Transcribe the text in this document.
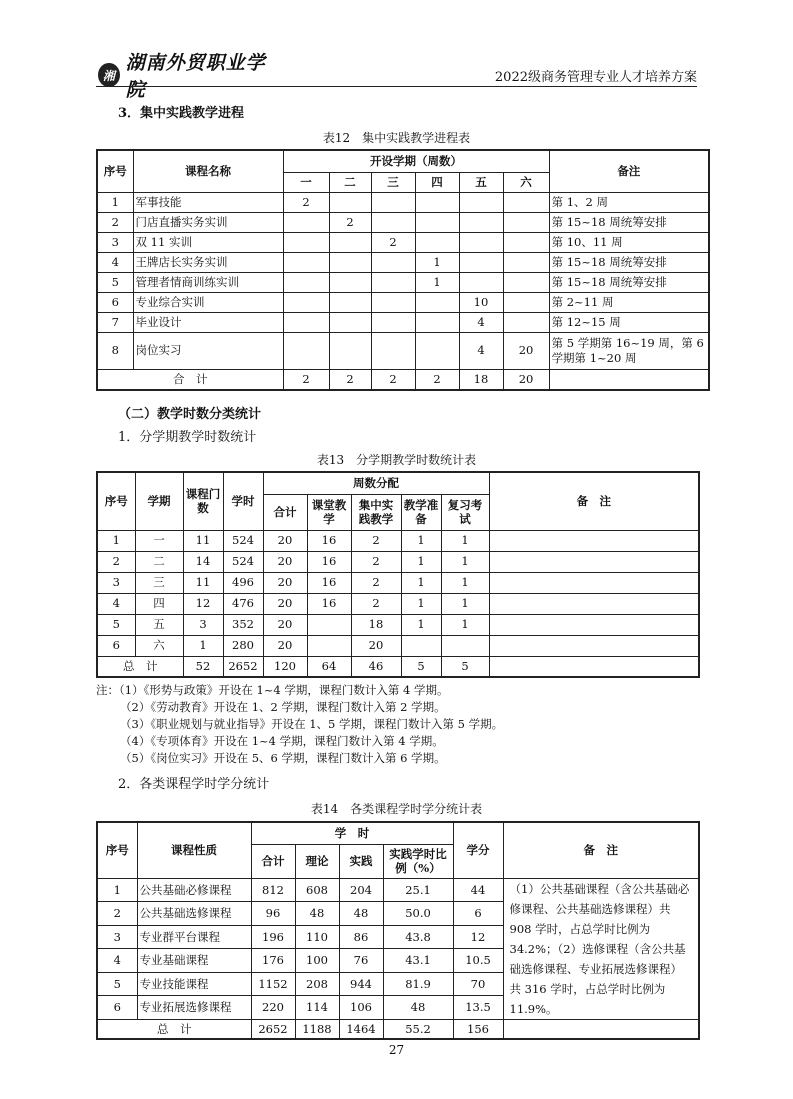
湘
湖南外贸职业学院
2022级商务管理专业人才培养方案
3．集中实践教学进程
表12　集中实践教学进程表
序号	课程名称	开设学期（周数）						备注
		一	二	三	四	五	六	
1	军事技能	2						第 1、2 周
2	门店直播实务实训		2					第 15~18 周统筹安排
3	双 11 实训			2				第 10、11 周
4	王牌店长实务实训				1			第 15~18 周统筹安排
5	管理者情商训练实训				1			第 15~18 周统筹安排
6	专业综合实训					10		第 2~11 周
7	毕业设计					4		第 12~15 周
8	岗位实习					4	20	第 5 学期第 16~19 周，第 6 学期第 1~20 周
合　计		2	2	2	2	18	20	
（二）教学时数分类统计
1．分学期教学时数统计
表13　分学期教学时数统计表
序号	学期	课程门数	学时	周数分配					备　注
				合计	课堂教学	集中实践教学	教学准备	复习考试	
1	一	11	524	20	16	2	1	1	
2	二	14	524	20	16	2	1	1	
3	三	11	496	20	16	2	1	1	
4	四	12	476	20	16	2	1	1	
5	五	3	352	20		18	1	1	
6	六	1	280	20		20			
总　计		52	2652	120	64	46	5	5	
注：（1）《形势与政策》开设在 1~4 学期，课程门数计入第 4 学期。
（2）《劳动教育》开设在 1、2 学期，课程门数计入第 2 学期。
（3）《职业规划与就业指导》开设在 1、5 学期，课程门数计入第 5 学期。
（4）《专项体育》开设在 1~4 学期，课程门数计入第 4 学期。
（5）《岗位实习》开设在 5、6 学期，课程门数计入第 6 学期。
2．各类课程学时学分统计
表14　各类课程学时学分统计表
序号	课程性质	学　时				学分	备　注
		合计	理论	实践	实践学时比例（%）		
1	公共基础必修课程	812	608	204	25.1	44	（1）公共基础课程（含公共基础必修课程、公共基础选修课程）共 908 学时，占总学时比例为 34.2%；（2）选修课程（含公共基础选修课程、专业拓展选修课程）共 316 学时，占总学时比例为 11.9%。
2	公共基础选修课程	96	48	48	50.0	6	
3	专业群平台课程	196	110	86	43.8	12	
4	专业基础课程	176	100	76	43.1	10.5	
5	专业技能课程	1152	208	944	81.9	70	
6	专业拓展选修课程	220	114	106	48	13.5	
总　计		2652	1188	1464	55.2	156	
27
